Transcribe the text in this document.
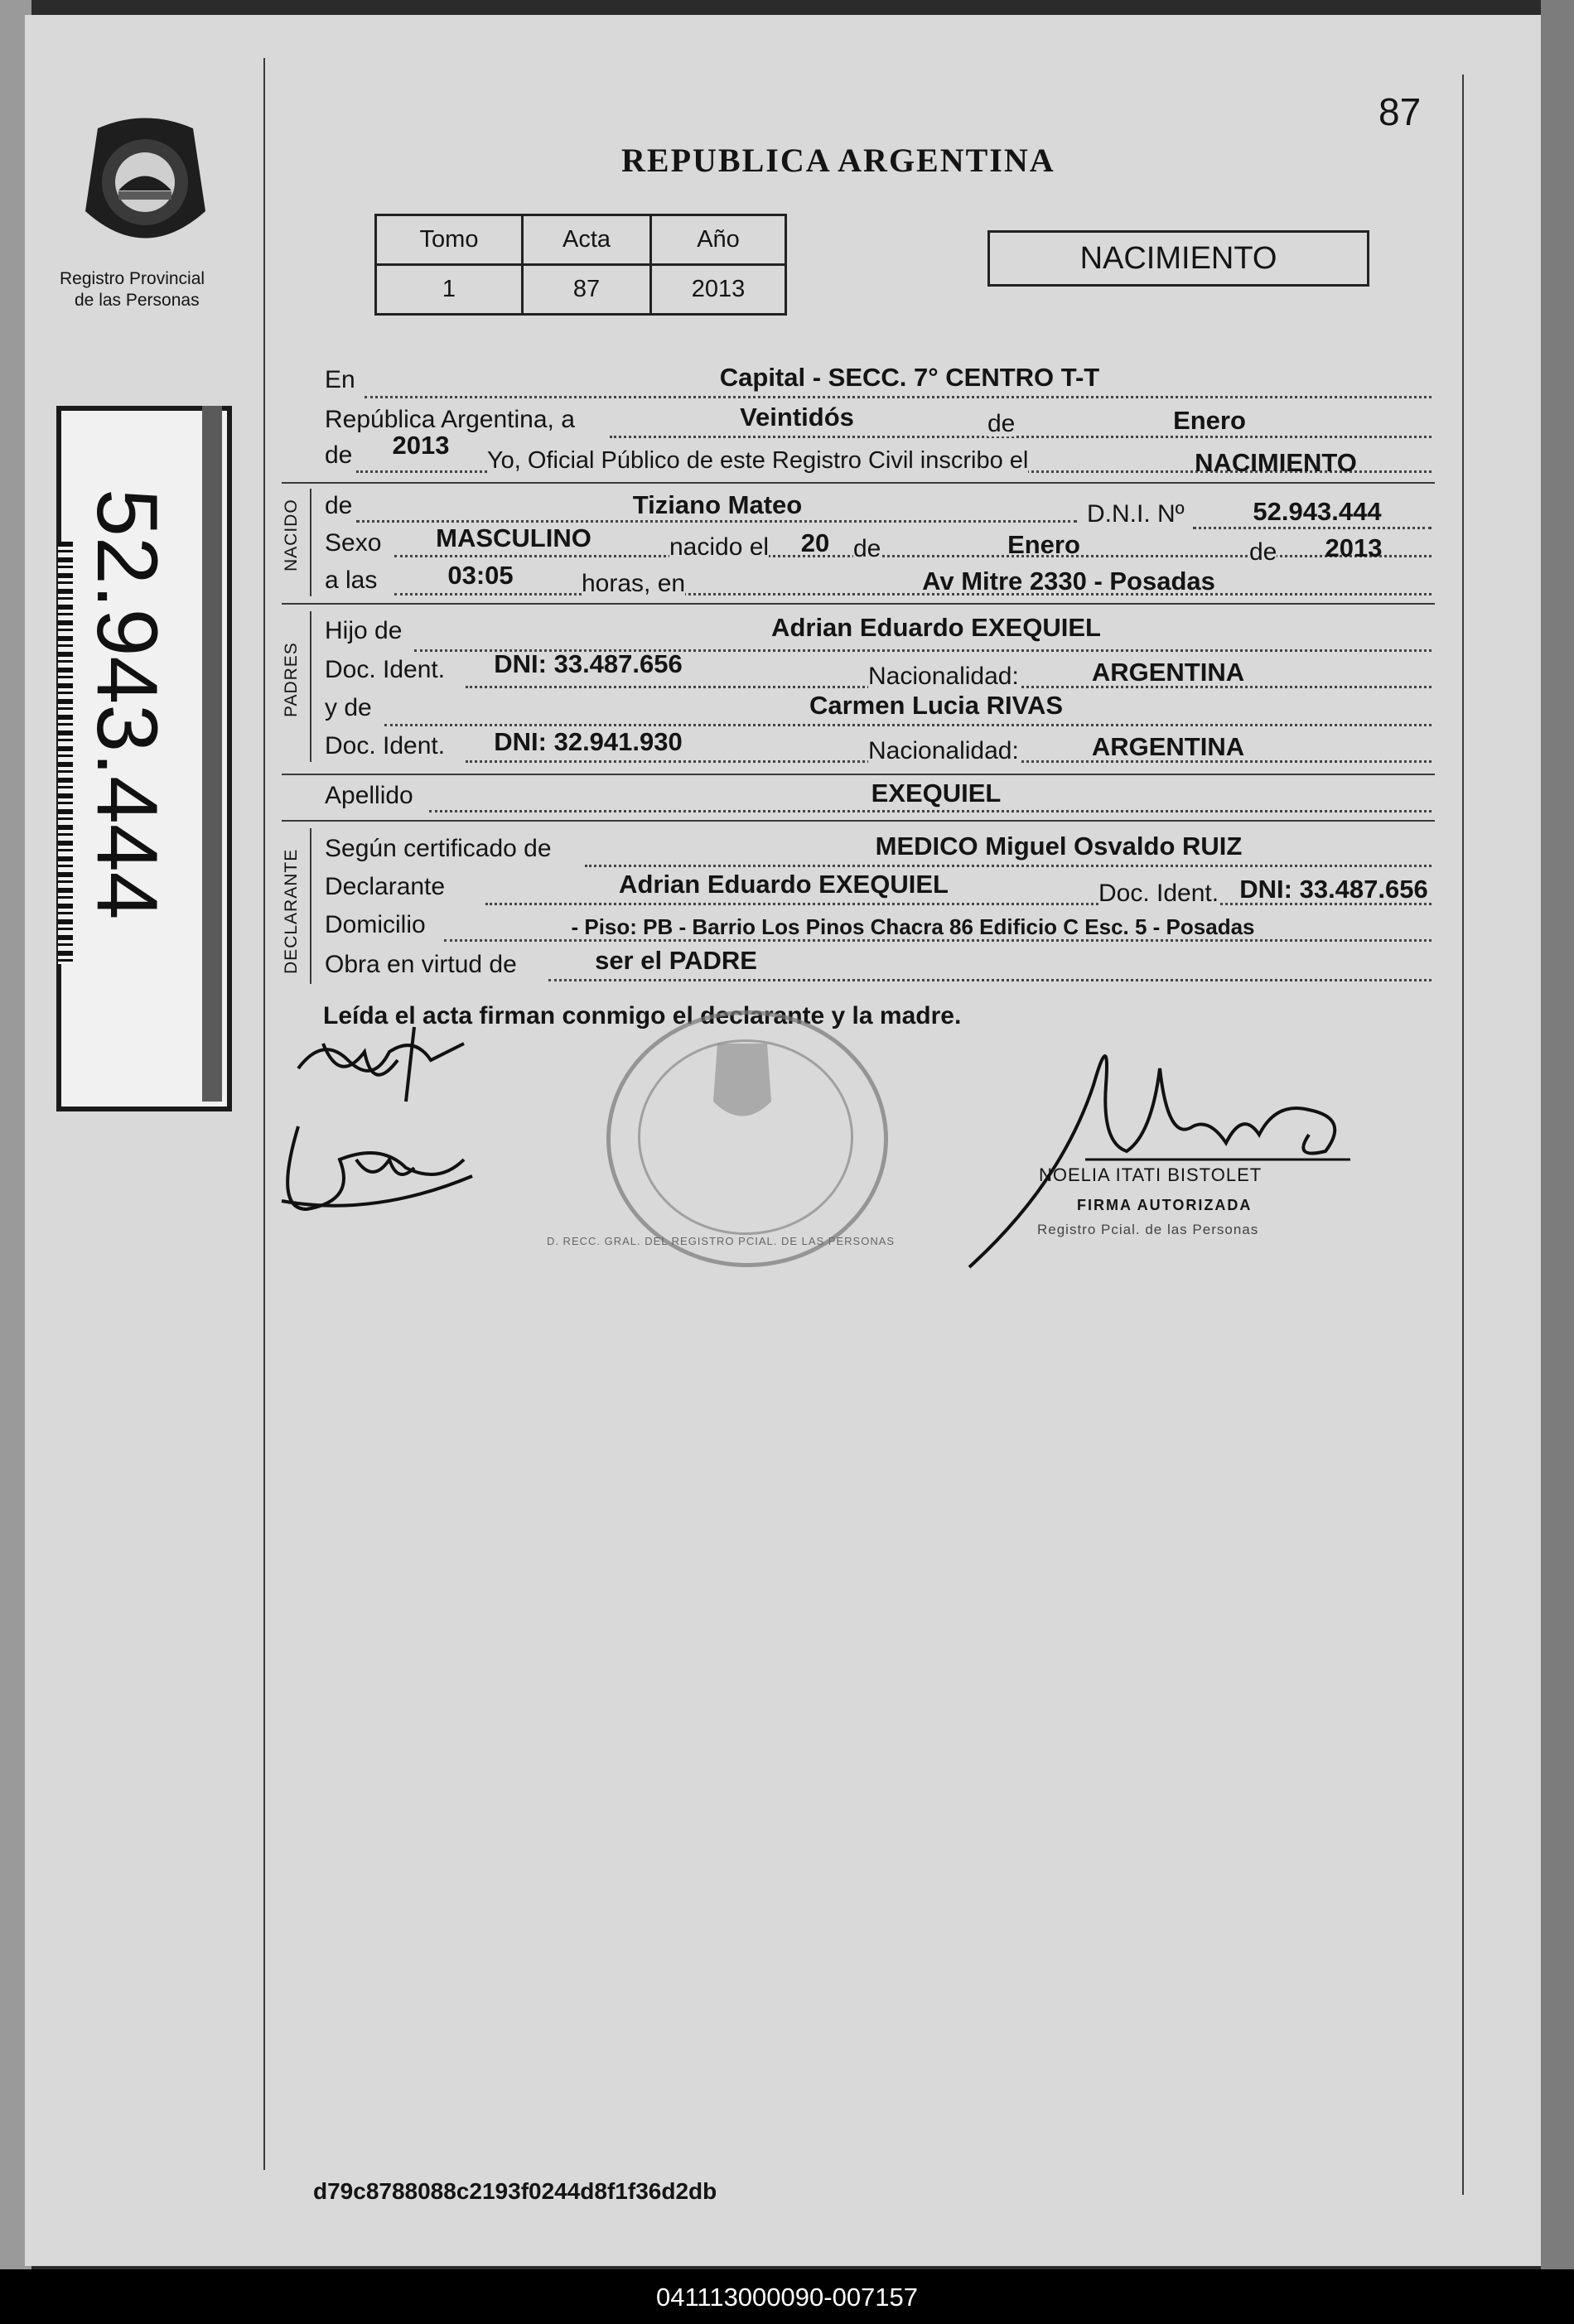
Registro Provincial
de las Personas
52.943.444
87
REPUBLICA ARGENTINA
Tomo	Acta	Año
1	87	2013
NACIMIENTO
En	Capital - SECC. 7° CENTRO T-T
República Argentina, a	Veintidós	de	Enero
de 2013
Yo, Oficial Público de este Registro Civil inscribo el	NACIMIENTO
NACIDO de	Tiziano Mateo	D.N.I. Nº	52.943.444
Sexo MASCULINO	nacido el 20 de	Enero	de 2013
a las	03:05	horas, en	Av Mitre 2330 - Posadas
PADRES
Hijo de	Adrian Eduardo EXEQUIEL
Doc. Ident. DNI: 33.487.656	Nacionalidad:	ARGENTINA
y de	Carmen Lucia RIVAS
Doc. Ident. DNI: 32.941.930	Nacionalidad:	ARGENTINA
Apellido	EXEQUIEL
DECLARANTE
Según certificado de	MEDICO Miguel Osvaldo RUIZ
Declarante	Adrian Eduardo EXEQUIEL	Doc. Ident. DNI: 33.487.656
Domicilio	- Piso: PB - Barrio Los Pinos Chacra 86 Edificio C Esc. 5 - Posadas
Obra en virtud de	ser el PADRE
Leída el acta firman conmigo el declarante y la madre.
D. RECC. GRAL. DEL REGISTRO PCIAL. DE LAS PERSONAS
NOELIA ITATI BISTOLET
FIRMA AUTORIZADA
Registro Pcial. de las Personas
d79c8788088c2193f0244d8f1f36d2db
041113000090-007157
